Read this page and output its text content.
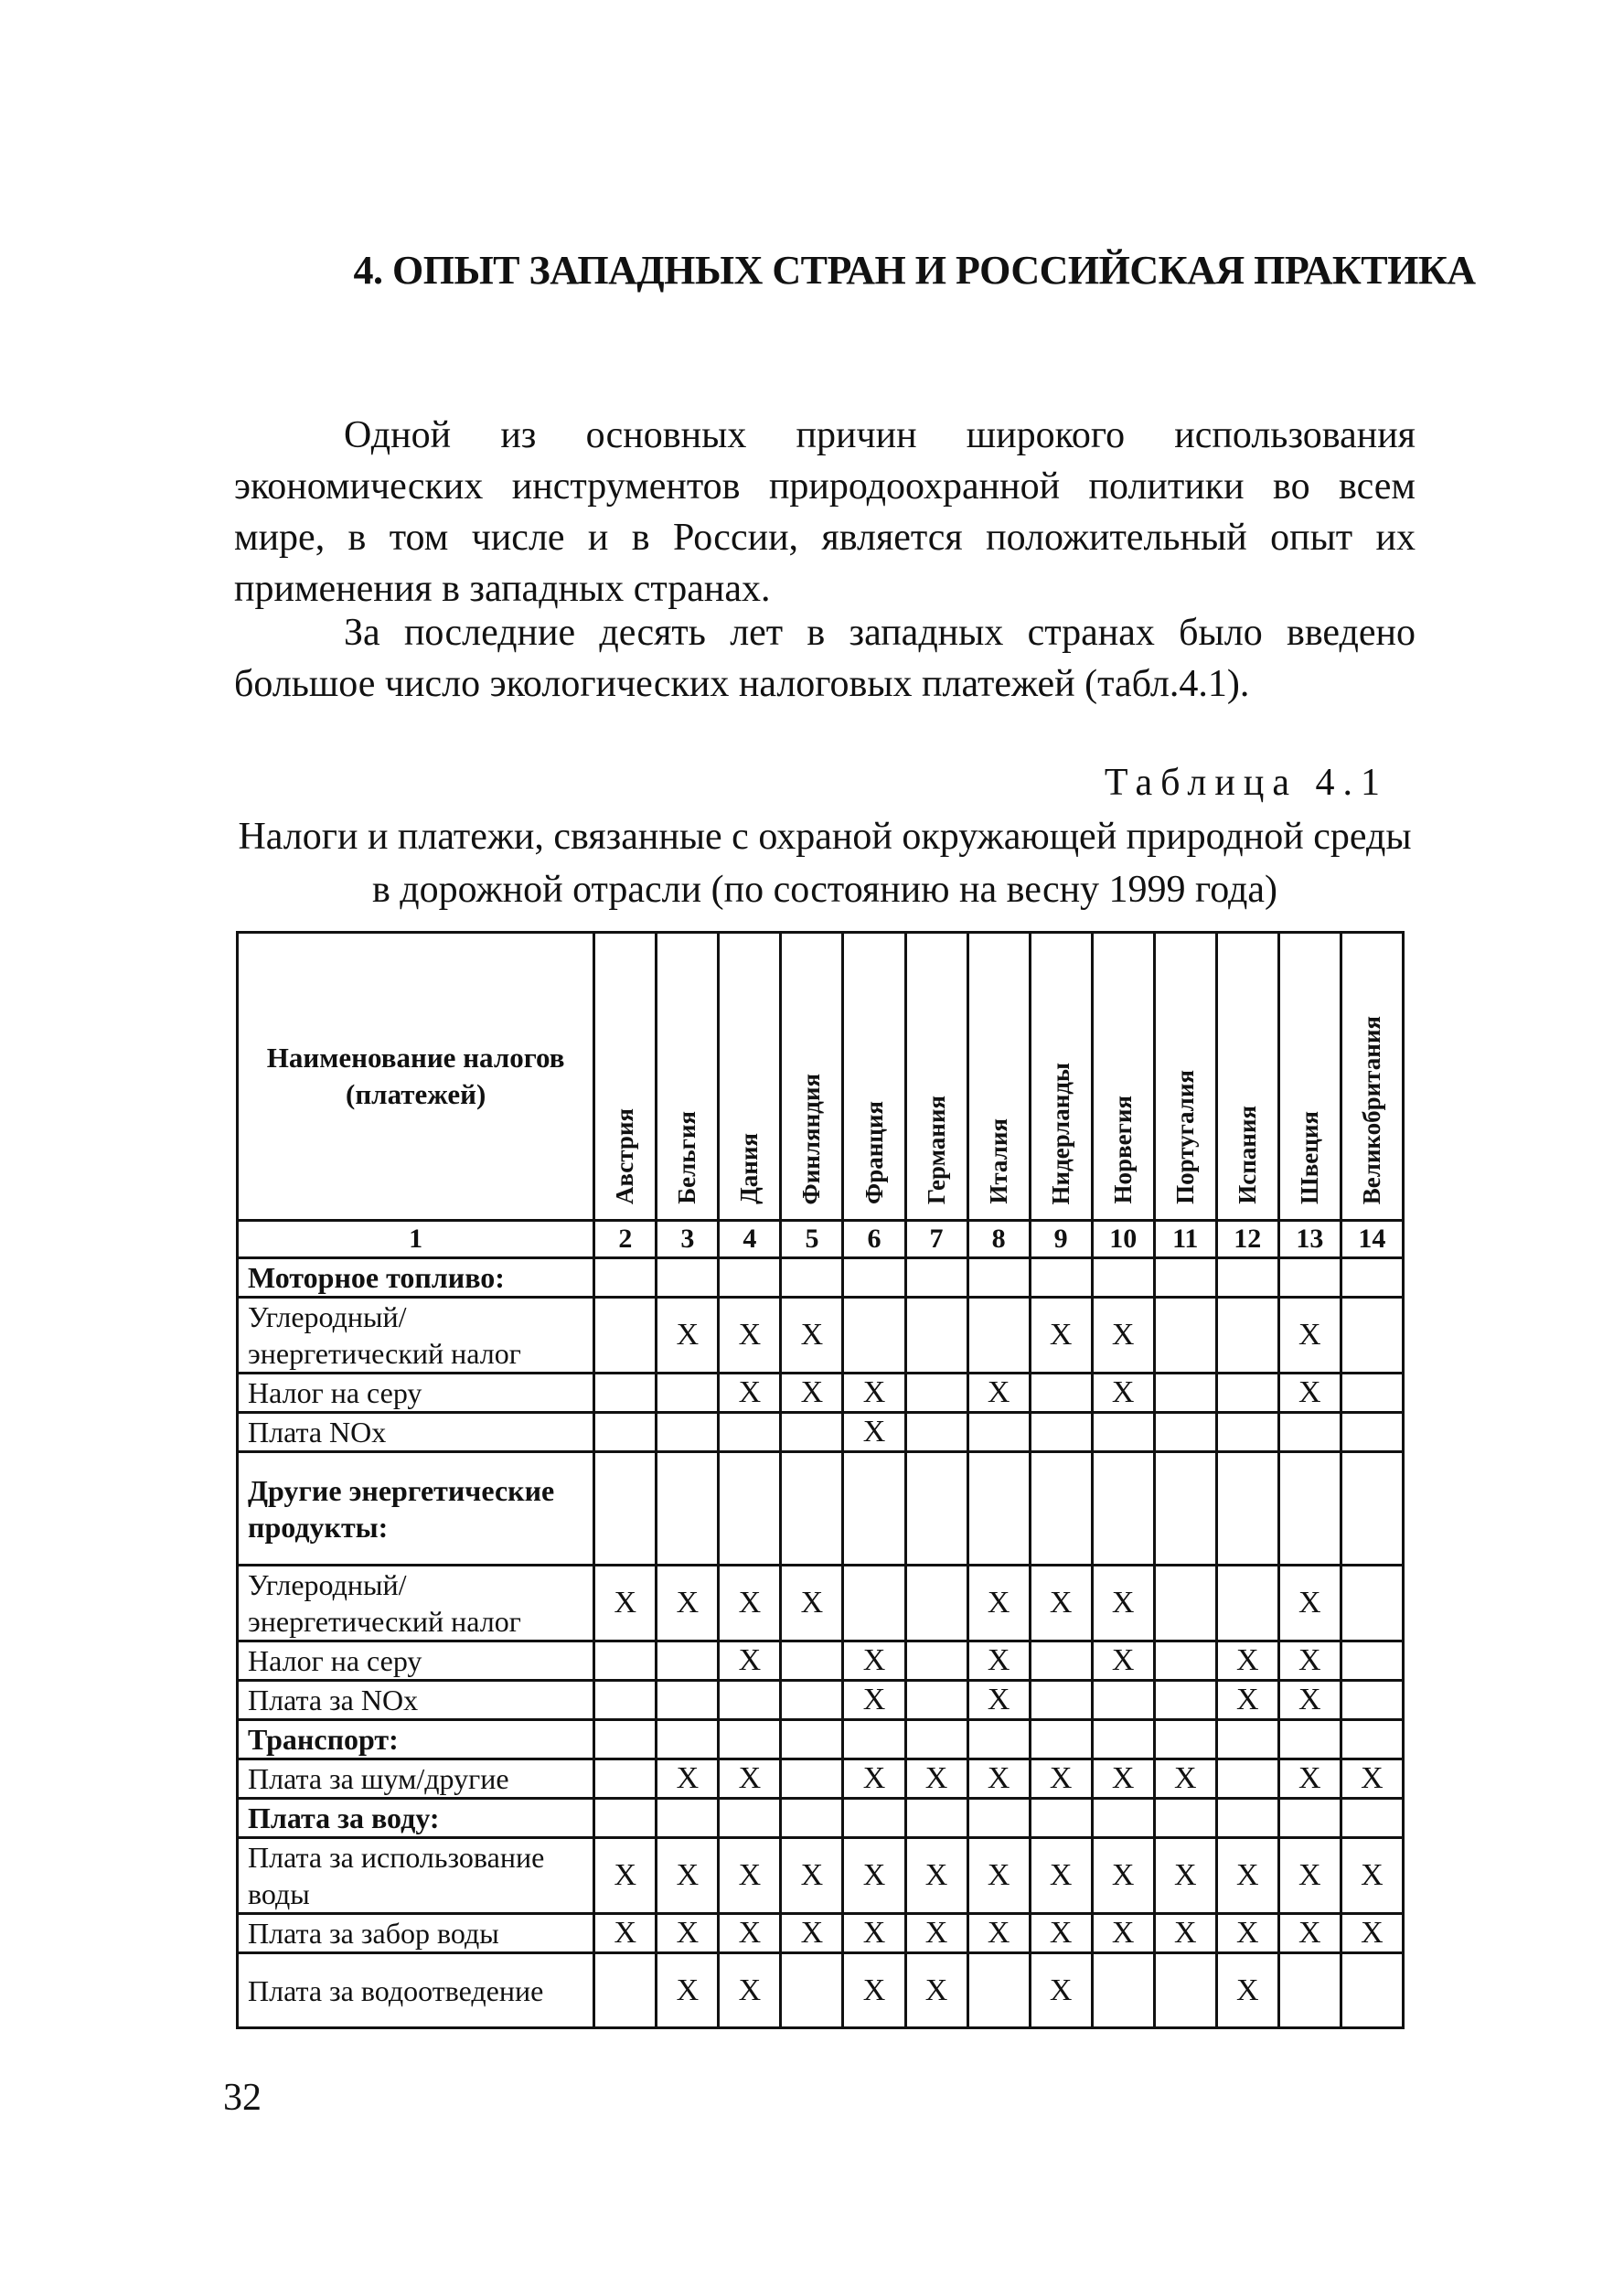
4. ОПЫТ ЗАПАДНЫХ СТРАН И РОССИЙСКАЯ ПРАКТИКА
Одной из основных причин широкого использования экономических инструментов природоохранной политики во всем мире, в том числе и в России, является положительный опыт их применения в западных странах.
За последние десять лет в западных странах было введено большое число экологических налоговых платежей (табл.4.1).
Таблица 4.1
Налоги и платежи, связанные с охраной окружающей природной среды в дорожной отрасли (по состоянию на весну 1999 года)
Наименование налогов (платежей)	Австрия	Бельгия	Дания	Финляндия	Франция	Германия	Италия	Нидерланды	Норвегия	Португалия	Испания	Швеция	Великобритания
1	2	3	4	5	6	7	8	9	10	11	12	13	14
Моторное топливо:													
Углеродный/энергетический налог		X	X	X				X	X			X	
Налог на серу			X	X	X		X		X			X	
Плата NOx					X								
Другие энергетические продукты:													
Углеродный/энергетический налог	X	X	X	X			X	X	X			X	
Налог на серу			X		X		X		X		X	X	
Плата за NOx					X		X				X	X	
Транспорт:													
Плата за шум/другие		X	X		X	X	X	X	X	X		X	X
Плата за воду:													
Плата за использование воды	X	X	X	X	X	X	X	X	X	X	X	X	X
Плата за забор воды	X	X	X	X	X	X	X	X	X	X	X	X	X
Плата за водоотведение		X	X		X	X		X			X		
32
